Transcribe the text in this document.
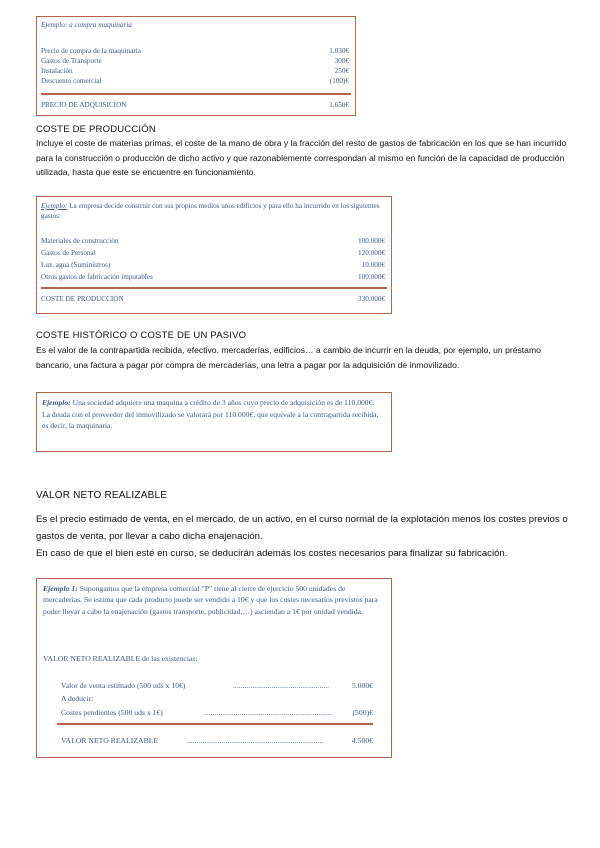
Ejemplo: a compra maquinaria
Precio de compra de la maquinaria	1.030€
Gastos de Transporte	300€
Instalación	250€
Descuento comercial	(100)€
PRECIO DE ADQUISICIÓN	1.650€
COSTE DE PRODUCCIÓN
Incluye el coste de materias primas, el coste de la mano de obra y la fracción del resto de gastos de fabricación en los que se han incurrido para la construcción o producción de dicho activo y que razonablemente correspondan al mismo en función de la capacidad de producción utilizada, hasta que este se encuentre en funcionamiento.
Ejemplo: La empresa decide construir con sus propios medios unos edificios y para ello ha incurrido en los siguientes gastos:
Materiales de construcción	100.000€
Gastos de Personal	120.000€
Luz, agua (Suministros)	10.000€
Otros gastos de fabricación imputables	100.000€
COSTE DE PRODUCCIÓN	330.000€
COSTE HISTÓRICO O COSTE DE UN PASIVO
Es el valor de la contrapartida recibida, efectivo, mercaderías, edificios… a cambio de incurrir en la deuda, por ejemplo, un préstamo bancario, una factura a pagar por compra de mercaderías, una letra a pagar por la adquisición de inmovilizado.
Ejemplo: Una sociedad adquiere una maquina a crédito de 3 años cuyo precio de adquisición es de 110.000€.
La deuda con el proveedor del inmovilizado se valorará por 110.000€, que equivale a la contrapartida recibida; es decir, la maquinaria.
VALOR NETO REALIZABLE
Es el precio estimado de venta, en el mercado, de un activo, en el curso normal de la explotación menos los costes previos o gastos de venta, por llevar a cabo dicha enajenación.
En caso de que el bien esté en curso, se deducirán además los costes necesarios para finalizar su fabricación.
Ejemplo 1: Supongamos que la empresa comercial "P" tiene al cierre de ejercicio 500 unidades de mercaderías. Se estima que cada producto puede ser vendido a 10€ y que los costes necesarios previstos para poder llevar a cabo la enajenación (gastos transporte, publicidad,…) asciendan a 1€ por unidad vendida.
VALOR NETO REALIZABLE de las existencias:
Valor de venta estimado (500 uds x 10€)	..................................................	5.000€
A deducir:
Costes pendientes (500 uds x 1€)	..................................................................	(500)€
VALOR NETO REALIZABLE	.......................................................................	4.500€
